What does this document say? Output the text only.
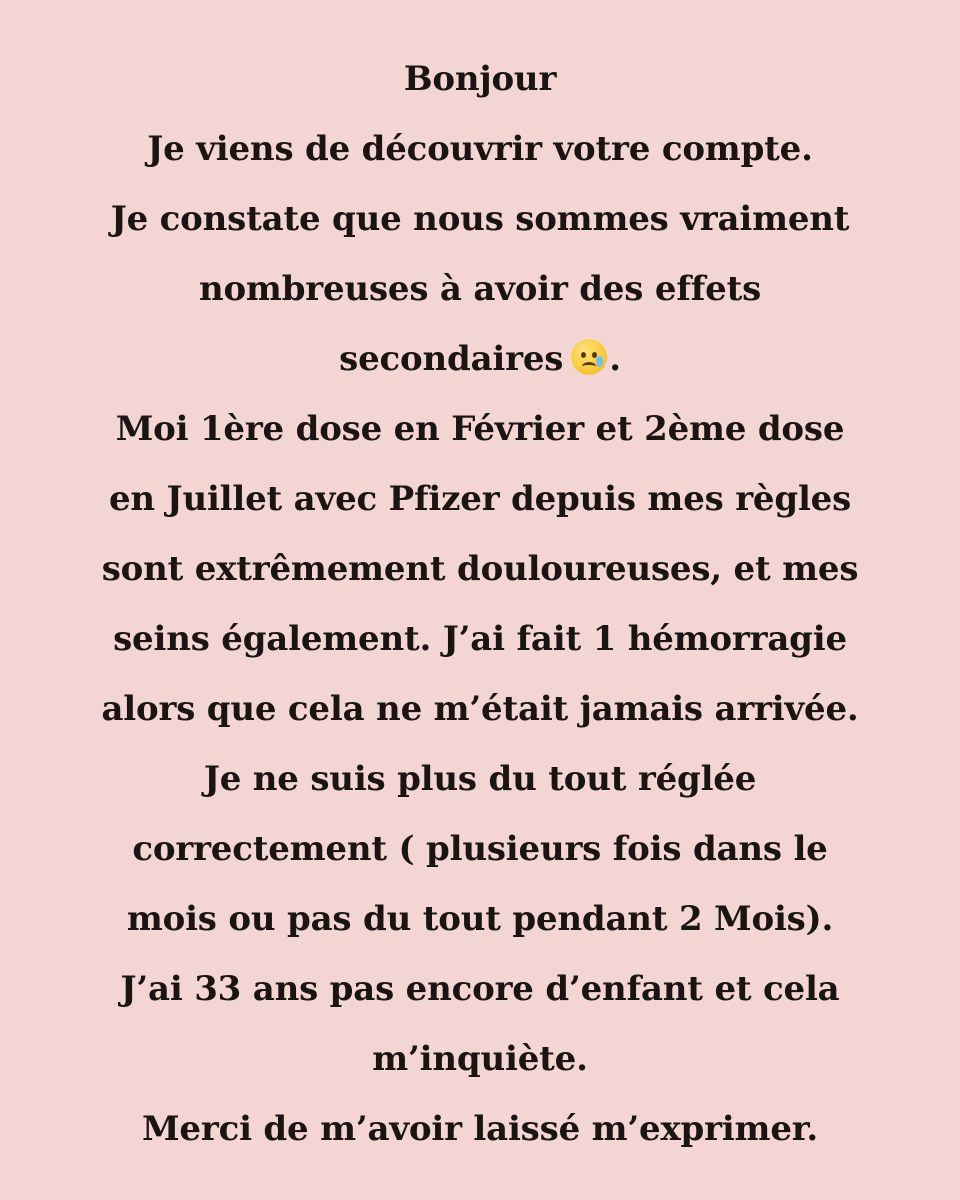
Bonjour
Je viens de découvrir votre compte.
Je constate que nous sommes vraiment
nombreuses à avoir des effets
secondaires .
Moi 1ère dose en Février et 2ème dose
en Juillet avec Pfizer depuis mes règles
sont extrêmement douloureuses, et mes
seins également. J’ai fait 1 hémorragie
alors que cela ne m’était jamais arrivée.
Je ne suis plus du tout réglée
correctement ( plusieurs fois dans le
mois ou pas du tout pendant 2 Mois).
J’ai 33 ans pas encore d’enfant et cela
m’inquiète.
Merci de m’avoir laissé m’exprimer.
